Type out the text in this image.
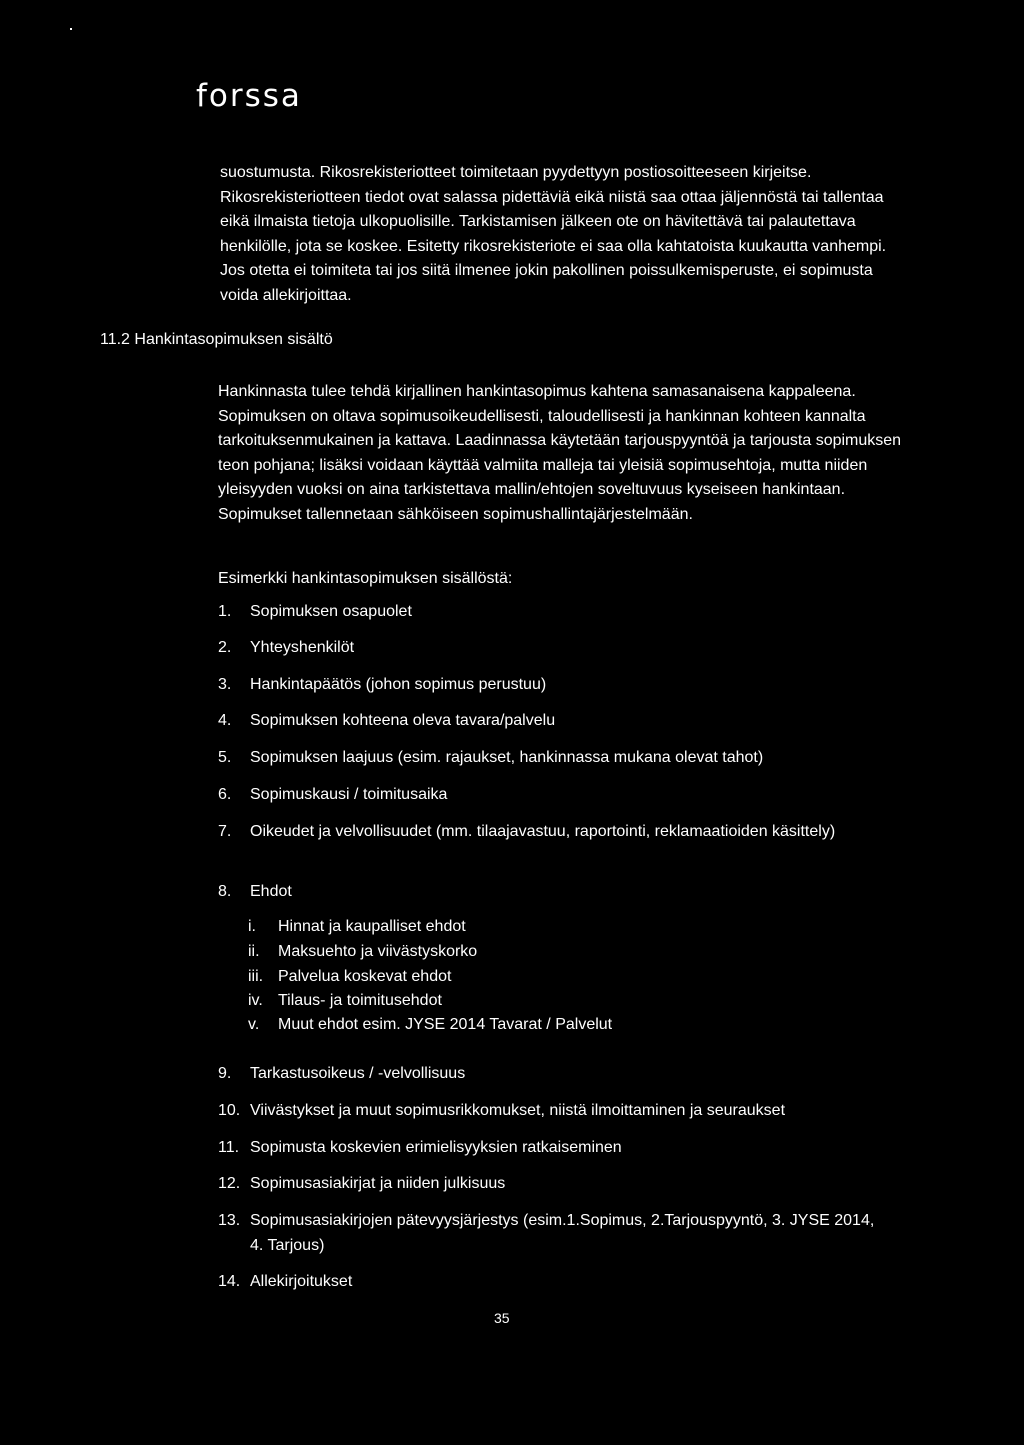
forssa

suostumusta. Rikosrekisteriotteet toimitetaan pyydettyyn postiosoitteeseen kirjeitse. Rikosrekisteriotteen tiedot ovat salassa pidettäviä eikä niistä saa ottaa jäljennöstä tai tallentaa eikä ilmaista tietoja ulkopuolisille. Tarkistamisen jälkeen ote on hävitettävä tai palautettava henkilölle, jota se koskee. Esitetty rikosrekisteriote ei saa olla kahtatoista kuukautta vanhempi. Jos otetta ei toimiteta tai jos siitä ilmenee jokin pakollinen poissulkemisperuste, ei sopimusta voida allekirjoittaa.

11.2 Hankintasopimuksen sisältö

Hankinnasta tulee tehdä kirjallinen hankintasopimus kahtena samasanaisena kappaleena. Sopimuksen on oltava sopimusoikeudellisesti, taloudellisesti ja hankinnan kohteen kannalta tarkoituksenmukainen ja kattava. Laadinnassa käytetään tarjouspyyntöä ja tarjousta sopimuksen teon pohjana; lisäksi voidaan käyttää valmiita malleja tai yleisiä sopimusehtoja, mutta niiden yleisyyden vuoksi on aina tarkistettava mallin/ehtojen soveltuvuus kyseiseen hankintaan. Sopimukset tallennetaan sähköiseen sopimushallintajärjestelmään.

Esimerkki hankintasopimuksen sisällöstä:
1. Sopimuksen osapuolet
2. Yhteyshenkilöt
3. Hankintapäätös (johon sopimus perustuu)
4. Sopimuksen kohteena oleva tavara/palvelu
5. Sopimuksen laajuus (esim. rajaukset, hankinnassa mukana olevat tahot)
6. Sopimuskausi / toimitusaika
7. Oikeudet ja velvollisuudet (mm. tilaajavastuu, raportointi, reklamaatioiden käsittely)
8. Ehdot
i. Hinnat ja kaupalliset ehdot
ii. Maksuehto ja viivästyskorko
iii. Palvelua koskevat ehdot
iv. Tilaus- ja toimitusehdot
v. Muut ehdot esim. JYSE 2014 Tavarat / Palvelut
9. Tarkastusoikeus / -velvollisuus
10. Viivästykset ja muut sopimusrikkomukset, niistä ilmoittaminen ja seuraukset
11. Sopimusta koskevien erimielisyyksien ratkaiseminen
12. Sopimusasiakirjat ja niiden julkisuus
13. Sopimusasiakirjojen pätevyysjärjestys (esim.1.Sopimus, 2.Tarjouspyyntö, 3. JYSE 2014, 4. Tarjous)
14. Allekirjoitukset
35
